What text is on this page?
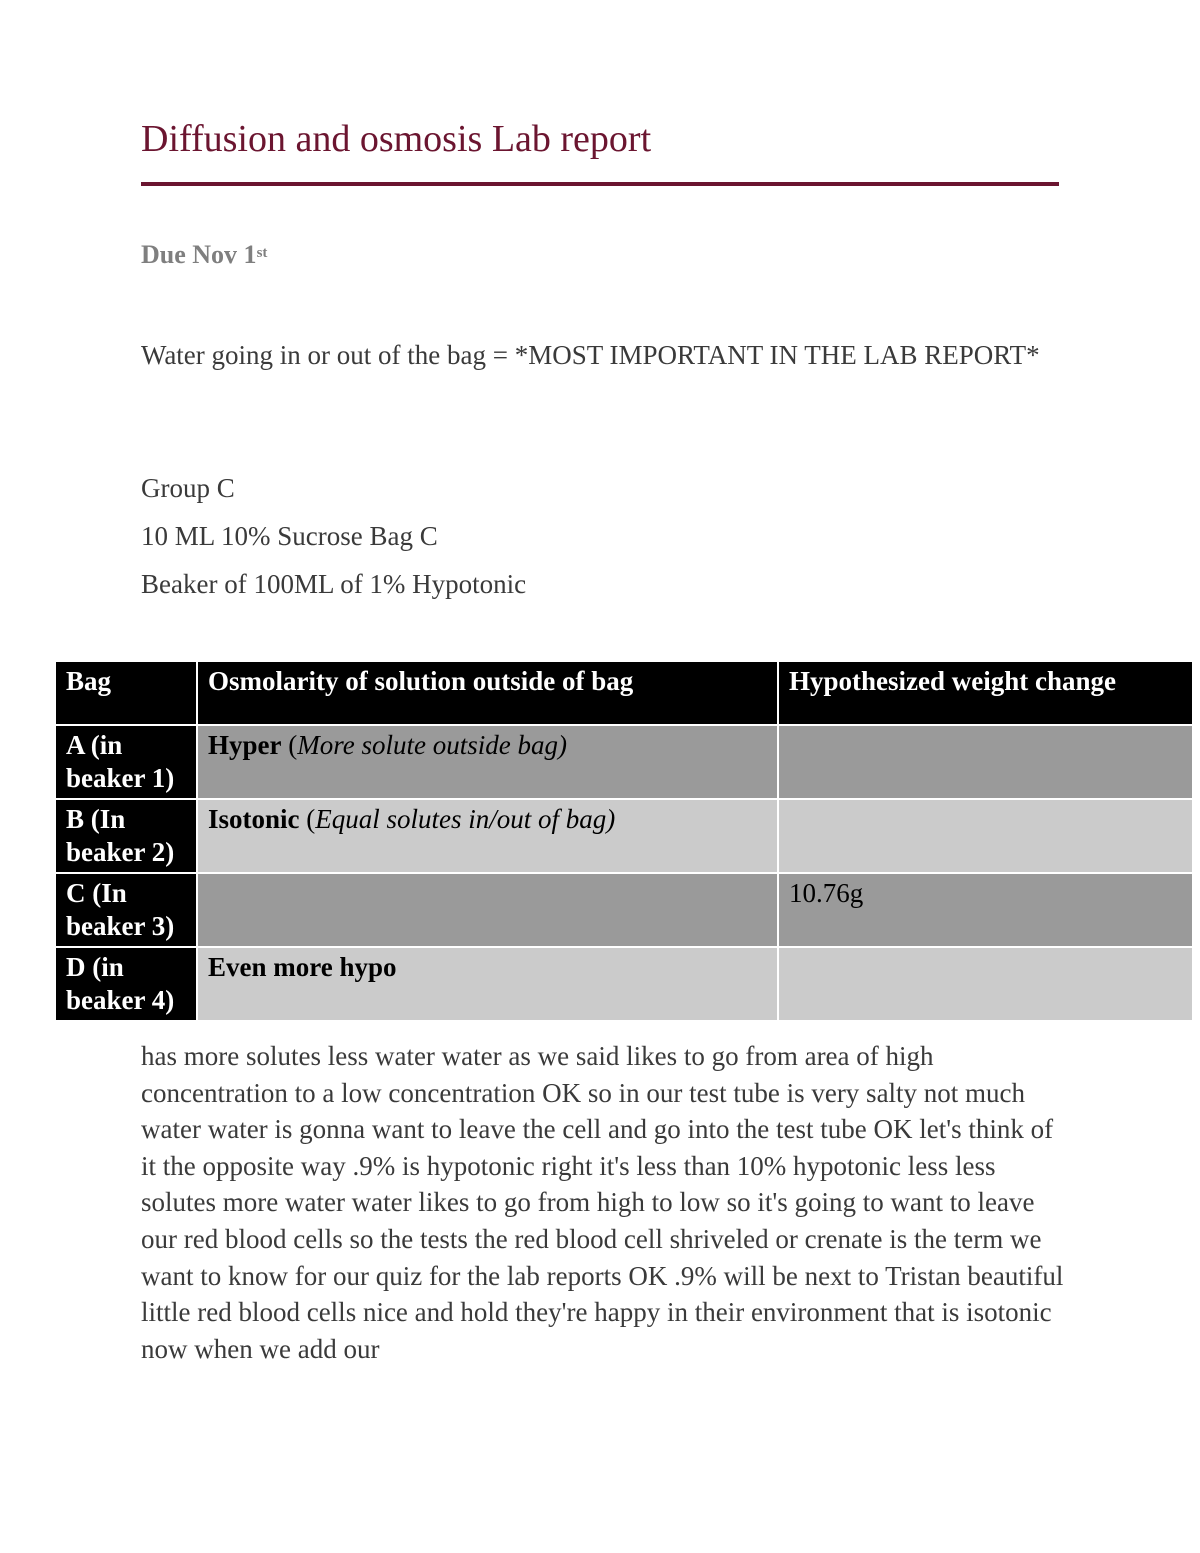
Diffusion and osmosis Lab report
Due Nov 1st
Water going in or out of the bag = *MOST IMPORTANT IN THE LAB REPORT*
Group C
10 ML 10% Sucrose Bag C
Beaker of 100ML of 1% Hypotonic
Bag	Osmolarity of solution outside of bag	Hypothesized weight change
A (in beaker 1)	Hyper (More solute outside bag)	
B (In beaker 2)	Isotonic (Equal solutes in/out of bag)	
C (In beaker 3)		10.76g
D (in beaker 4)	Even more hypo	
has more solutes less water water as we said likes to go from area of high concentration to a low concentration OK so in our test tube is very salty not much water water is gonna want to leave the cell and go into the test tube OK let's think of it the opposite way .9% is hypotonic right it's less than 10% hypotonic less less solutes more water water likes to go from high to low so it's going to want to leave our red blood cells so the tests the red blood cell shriveled or crenate is the term we want to know for our quiz for the lab reports OK .9% will be next to Tristan beautiful little red blood cells nice and hold they're happy in their environment that is isotonic now when we add our
